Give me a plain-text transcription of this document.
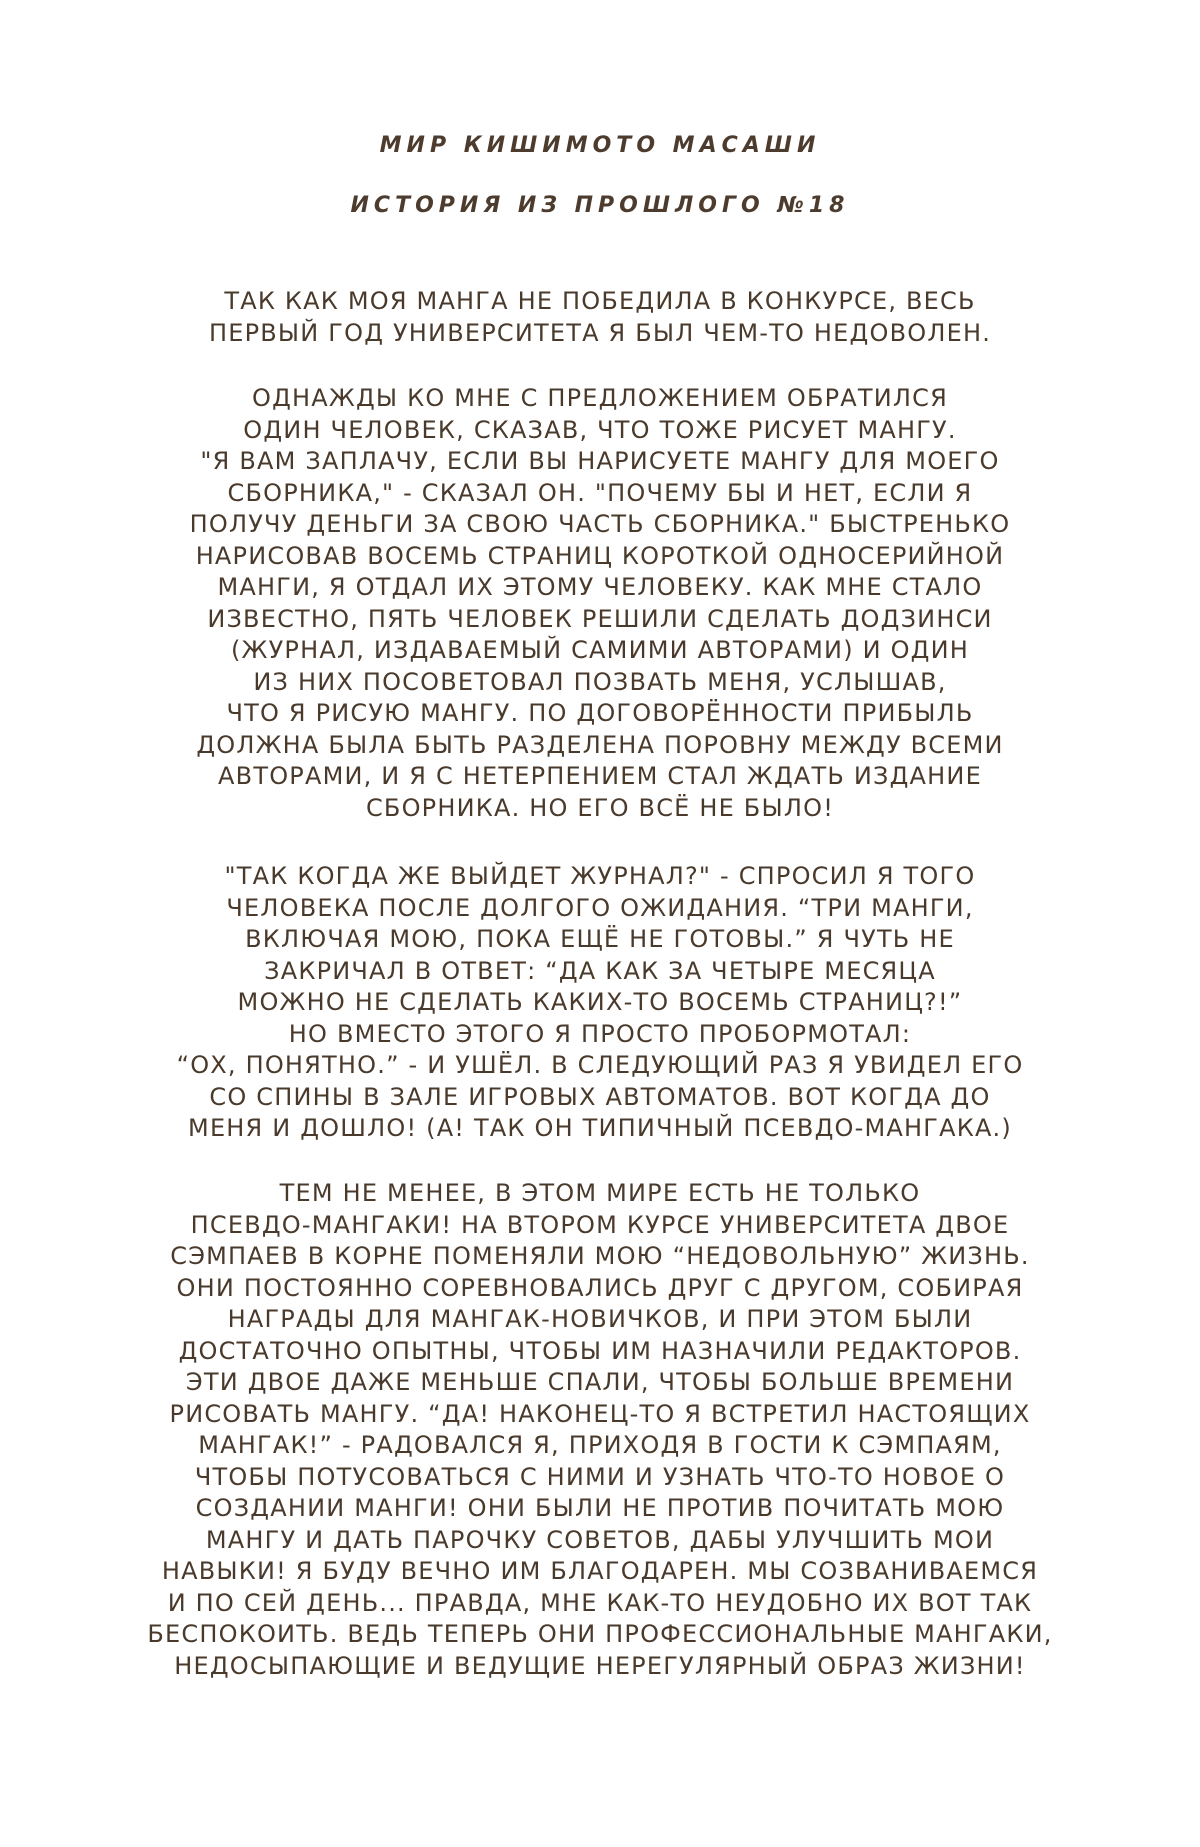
МИР КИШИМОТО МАСАШИ
ИСТОРИЯ ИЗ ПРОШЛОГО №18
ТАК КАК МОЯ МАНГА НЕ ПОБЕДИЛА В КОНКУРСЕ, ВЕСЬ
ПЕРВЫЙ ГОД УНИВЕРСИТЕТА Я БЫЛ ЧЕМ-ТО НЕДОВОЛЕН.
ОДНАЖДЫ КО МНЕ С ПРЕДЛОЖЕНИЕМ ОБРАТИЛСЯ
ОДИН ЧЕЛОВЕК, СКАЗАВ, ЧТО ТОЖЕ РИСУЕТ МАНГУ.
"Я ВАМ ЗАПЛАЧУ, ЕСЛИ ВЫ НАРИСУЕТЕ МАНГУ ДЛЯ МОЕГО
СБОРНИКА," - СКАЗАЛ ОН. "ПОЧЕМУ БЫ И НЕТ, ЕСЛИ Я
ПОЛУЧУ ДЕНЬГИ ЗА СВОЮ ЧАСТЬ СБОРНИКА." БЫСТРЕНЬКО
НАРИСОВАВ ВОСЕМЬ СТРАНИЦ КОРОТКОЙ ОДНОСЕРИЙНОЙ
МАНГИ, Я ОТДАЛ ИХ ЭТОМУ ЧЕЛОВЕКУ. КАК МНЕ СТАЛО
ИЗВЕСТНО, ПЯТЬ ЧЕЛОВЕК РЕШИЛИ СДЕЛАТЬ ДОДЗИНСИ
(ЖУРНАЛ, ИЗДАВАЕМЫЙ САМИМИ АВТОРАМИ) И ОДИН
ИЗ НИХ ПОСОВЕТОВАЛ ПОЗВАТЬ МЕНЯ, УСЛЫШАВ,
ЧТО Я РИСУЮ МАНГУ. ПО ДОГОВОРЁННОСТИ ПРИБЫЛЬ
ДОЛЖНА БЫЛА БЫТЬ РАЗДЕЛЕНА ПОРОВНУ МЕЖДУ ВСЕМИ
АВТОРАМИ, И Я С НЕТЕРПЕНИЕМ СТАЛ ЖДАТЬ ИЗДАНИЕ
СБОРНИКА. НО ЕГО ВСЁ НЕ БЫЛО!
"ТАК КОГДА ЖЕ ВЫЙДЕТ ЖУРНАЛ?" - СПРОСИЛ Я ТОГО
ЧЕЛОВЕКА ПОСЛЕ ДОЛГОГО ОЖИДАНИЯ. “ТРИ МАНГИ,
ВКЛЮЧАЯ МОЮ, ПОКА ЕЩЁ НЕ ГОТОВЫ.” Я ЧУТЬ НЕ
ЗАКРИЧАЛ В ОТВЕТ: “ДА КАК ЗА ЧЕТЫРЕ МЕСЯЦА
МОЖНО НЕ СДЕЛАТЬ КАКИХ-ТО ВОСЕМЬ СТРАНИЦ?!”
НО ВМЕСТО ЭТОГО Я ПРОСТО ПРОБОРМОТАЛ:
“ОХ, ПОНЯТНО.” - И УШЁЛ. В СЛЕДУЮЩИЙ РАЗ Я УВИДЕЛ ЕГО
СО СПИНЫ В ЗАЛЕ ИГРОВЫХ АВТОМАТОВ. ВОТ КОГДА ДО
МЕНЯ И ДОШЛО! (А! ТАК ОН ТИПИЧНЫЙ ПСЕВДО-МАНГАКА.)
ТЕМ НЕ МЕНЕЕ, В ЭТОМ МИРЕ ЕСТЬ НЕ ТОЛЬКО
ПСЕВДО-МАНГАКИ! НА ВТОРОМ КУРСЕ УНИВЕРСИТЕТА ДВОЕ
СЭМПАЕВ В КОРНЕ ПОМЕНЯЛИ МОЮ “НЕДОВОЛЬНУЮ” ЖИЗНЬ.
ОНИ ПОСТОЯННО СОРЕВНОВАЛИСЬ ДРУГ С ДРУГОМ, СОБИРАЯ
НАГРАДЫ ДЛЯ МАНГАК-НОВИЧКОВ, И ПРИ ЭТОМ БЫЛИ
ДОСТАТОЧНО ОПЫТНЫ, ЧТОБЫ ИМ НАЗНАЧИЛИ РЕДАКТОРОВ.
ЭТИ ДВОЕ ДАЖЕ МЕНЬШЕ СПАЛИ, ЧТОБЫ БОЛЬШЕ ВРЕМЕНИ
РИСОВАТЬ МАНГУ. “ДА! НАКОНЕЦ-ТО Я ВСТРЕТИЛ НАСТОЯЩИХ
МАНГАК!” - РАДОВАЛСЯ Я, ПРИХОДЯ В ГОСТИ К СЭМПАЯМ,
ЧТОБЫ ПОТУСОВАТЬСЯ С НИМИ И УЗНАТЬ ЧТО-ТО НОВОЕ О
СОЗДАНИИ МАНГИ! ОНИ БЫЛИ НЕ ПРОТИВ ПОЧИТАТЬ МОЮ
МАНГУ И ДАТЬ ПАРОЧКУ СОВЕТОВ, ДАБЫ УЛУЧШИТЬ МОИ
НАВЫКИ! Я БУДУ ВЕЧНО ИМ БЛАГОДАРЕН. МЫ СОЗВАНИВАЕМСЯ
И ПО СЕЙ ДЕНЬ... ПРАВДА, МНЕ КАК-ТО НЕУДОБНО ИХ ВОТ ТАК
БЕСПОКОИТЬ. ВЕДЬ ТЕПЕРЬ ОНИ ПРОФЕССИОНАЛЬНЫЕ МАНГАКИ,
НЕДОСЫПАЮЩИЕ И ВЕДУЩИЕ НЕРЕГУЛЯРНЫЙ ОБРАЗ ЖИЗНИ!
